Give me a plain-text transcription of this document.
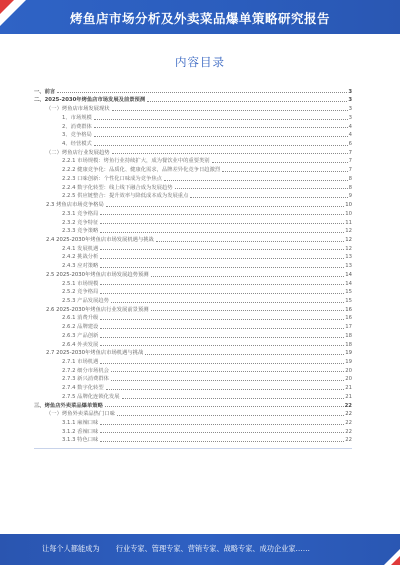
烤鱼店市场分析及外卖菜品爆单策略研究报告
内容目录
一、前言	3
二、2025-2030年烤鱼店市场发展及前景预测	3
（一）烤鱼店市场发展现状	3
1、市场规模	3
2、消费群体	4
3、竞争格局	4
4、经营模式	6
（二）烤鱼店行业发展趋势	7
2.2.1 市场规模：烤鱼行业持续扩大，成为餐饮业中的重要类别	7
2.2.2 健康竞争化：品质化、健康化需求，品牌差异化竞争日趋激烈	7
2.2.3 口味创新：个性化口味成为竞争焦点	8
2.2.4 数字化转型：线上线下融合成为发展趋势	8
2.2.5 供应链整合：提升效率与降低成本成为发展重点	9
2.3 烤鱼店市场竞争格局	10
2.3.1 竞争格局	10
2.3.2 竞争特征	11
2.3.3 竞争策略	12
2.4 2025-2030年烤鱼店市场发展机遇与挑战	12
2.4.1 发展机遇	12
2.4.2 挑战分析	13
2.4.3 应对策略	13
2.5 2025-2030年烤鱼店市场发展趋势预测	14
2.5.1 市场规模	14
2.5.2 竞争格局	15
2.5.3 产品发展趋势	15
2.6 2025-2030年烤鱼店行业发展前景预测	16
2.6.1 消费升级	16
2.6.2 品牌建设	17
2.6.3 产品创新	18
2.6.4 外卖发展	18
2.7 2025-2030年烤鱼店市场机遇与挑战	19
2.7.1 市场机遇	19
2.7.2 细分市场机会	20
2.7.3 新兴消费群体	20
2.7.4 数字化转型	21
2.7.5 品牌化连锁化发展	21
三、烤鱼店外卖菜品爆单策略	22
（一）烤鱼外卖菜品热门口味	22
3.1.1 麻辣口味	22
3.1.2 香辣口味	22
3.1.3 特色口味	22
让每个人都能成为 行业专家、管理专家、营销专家、战略专家、成功企业家……
